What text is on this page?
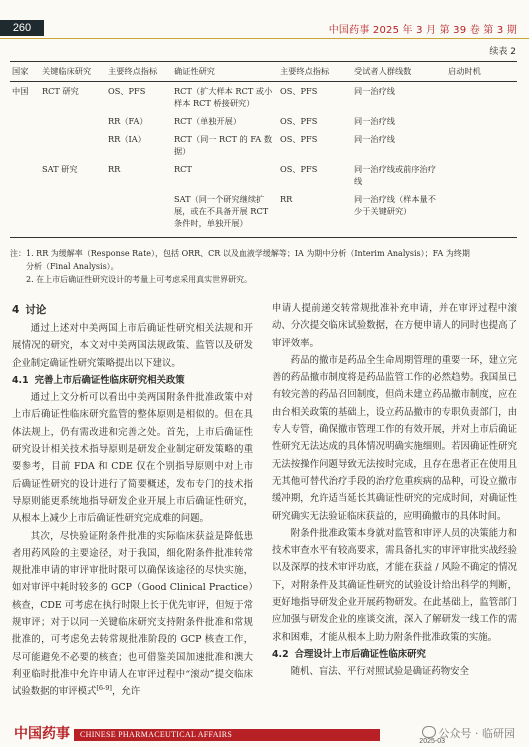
260	中国药事 2025 年 3 月 第 39 卷 第 3 期
续表 2
国家	关键临床研究	主要终点指标	确证性研究	主要终点指标	受试者人群线数	启动时机
中国	RCT 研究	OS、PFS	RCT（扩大样本 RCT 或小样本 RCT 桥接研究）	OS、PFS	同一治疗线	
		RR（FA）	RCT（单独开展）	OS、PFS	同一治疗线	
		RR（IA）	RCT（同一 RCT 的 FA 数据）	OS、PFS	同一治疗线	
	SAT 研究	RR	RCT	OS、PFS	同一治疗线或前序治疗线	
			SAT（同一个研究继续扩展，或在不具备开展 RCT 条件时，单独开展）	RR	同一治疗线（样本量不少于关键研究）	
注：1. RR 为缓解率（Response Rate），包括 ORR、CR 以及血液学缓解等；IA 为期中分析（Interim Analysis）；FA 为终期
分析（Final Analysis）。
2. 在上市后确证性研究设计的考量上可考虑采用真实世界研究。
4 讨论

通过上述对中美两国上市后确证性研究相关法规和开展情况的研究，本文对中美两国法规政策、监管以及研发企业制定确证性研究策略提出以下建议。

4.1 完善上市后确证性临床研究相关政策

通过上文分析可以看出中美两国附条件批准政策中对上市后确证性临床研究监管的整体原则是相似的。但在具体法规上，仍有需改进和完善之处。首先，上市后确证性研究设计相关技术指导原则是研发企业制定研发策略的重要参考，目前 FDA 和 CDE 仅在个别指导原则中对上市后确证性研究的设计进行了简要概述，发布专门的技术指导原则能更系统地指导研发企业开展上市后确证性研究，从根本上减少上市后确证性研究完成难的问题。

其次，尽快验证附条件批准的实际临床获益是降低患者用药风险的主要途径，对于我国，细化附条件批准转常规批准申请的审评审批时限可以确保该途径的尽快实施，如对审评中耗时较多的 GCP（Good Clinical Practice）核查，CDE 可考虑在执行时限上长于优先审评，但短于常规审评；对于以同一关键临床研究支持附条件批准和常规批准的，可考虑免去转常规批准阶段的 GCP 核查工作，尽可能避免不必要的核查；也可借鉴美国加速批准和澳大利亚临时批准中允许申请人在审评过程中“滚动”提交临床试验数据的审评模式[6-9]，允许

申请人提前递交转常规批准补充申请，并在审评过程中滚动、分次提交临床试验数据，在方便申请人的同时也提高了审评效率。

药品的撤市是药品全生命周期管理的重要一环，建立完善的药品撤市制度将是药品监管工作的必然趋势。我国虽已有较完善的药品召回制度，但尚未建立药品撤市制度，应在由台相关政策的基础上，设立药品撤市的专职负责部门，由专人专管，确保撤市管理工作的有效开展，并对上市后确证性研究无法达成的具体情况明确实施细则。若因确证性研究无法按操作问题导致无法按时完成，且存在患者正在使用且无其他可替代治疗手段的治疗危重疾病的品种，可设立撤市缓冲期，允许适当延长其确证性研究的完成时间，对确证性研究确实无法验证临床获益的，应明确撤市的具体时间。

附条件批准政策本身就对监管和审评人员的决策能力和技术审查水平有较高要求，需具备扎实的审评审批实战经验以及深厚的技术审评功底，才能在获益 / 风险不确定的情况下，对附条件及其确证性研究的试验设计给出科学的判断，更好地指导研发企业开展药物研发。在此基础上，监管部门应加强与研发企业的座谈交流，深入了解研发一线工作的需求和困难，才能从根本上助力附条件批准政策的实施。

4.2 合理设计上市后确证性临床研究

随机、盲法、平行对照试验是确证药物安全

中国药事	CHINESE PHARMACEUTICAL AFFAIRS
2025-03
公众号 · 临研园
